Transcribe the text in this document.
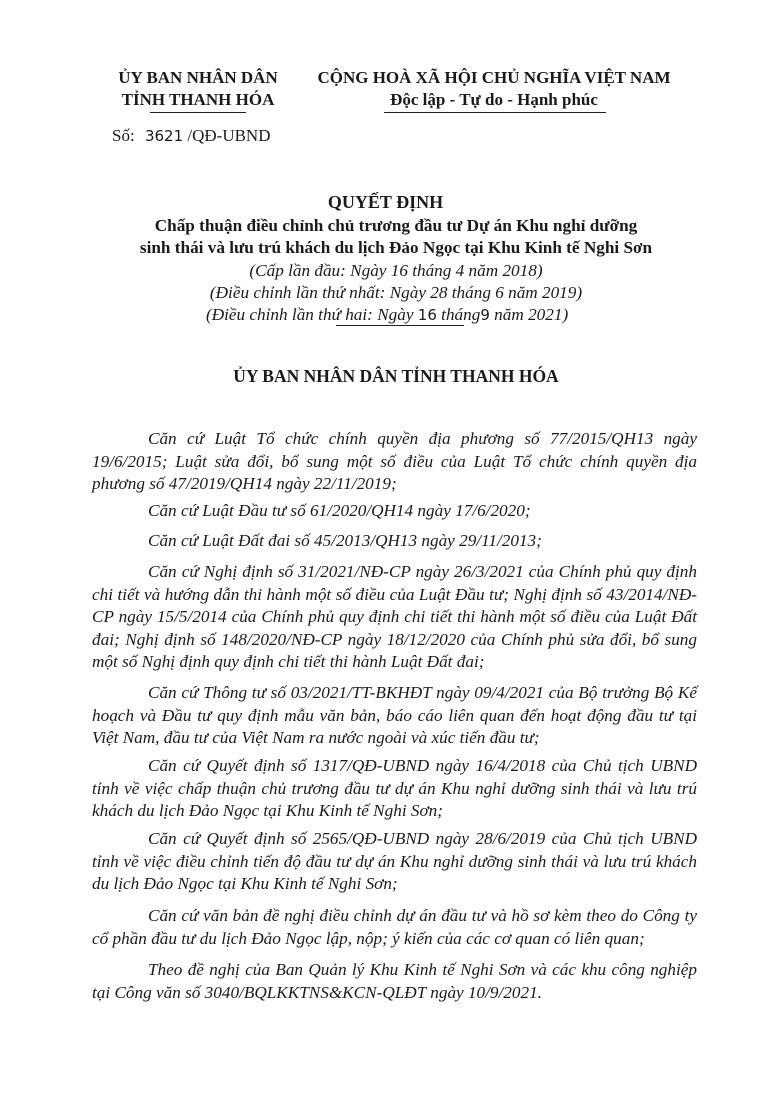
ỦY BAN NHÂN DÂN
TỈNH THANH HÓA
Số: 3621 /QĐ-UBND
CỘNG HOÀ XÃ HỘI CHỦ NGHĨA VIỆT NAM
Độc lập - Tự do - Hạnh phúc
QUYẾT ĐỊNH
Chấp thuận điều chỉnh chủ trương đầu tư Dự án Khu nghỉ dưỡng
sinh thái và lưu trú khách du lịch Đảo Ngọc tại Khu Kinh tế Nghi Sơn
(Cấp lần đầu: Ngày 16 tháng 4 năm 2018)
(Điều chỉnh lần thứ nhất: Ngày 28 tháng 6 năm 2019)
(Điều chỉnh lần thứ hai: Ngày 16 tháng9 năm 2021)
ỦY BAN NHÂN DÂN TỈNH THANH HÓA
Căn cứ Luật Tổ chức chính quyền địa phương số 77/2015/QH13 ngày 19/6/2015; Luật sửa đổi, bổ sung một số điều của Luật Tổ chức chính quyền địa phương số 47/2019/QH14 ngày 22/11/2019;
Căn cứ Luật Đầu tư số 61/2020/QH14 ngày 17/6/2020;
Căn cứ Luật Đất đai số 45/2013/QH13 ngày 29/11/2013;
Căn cứ Nghị định số 31/2021/NĐ-CP ngày 26/3/2021 của Chính phủ quy định chi tiết và hướng dẫn thi hành một số điều của Luật Đầu tư; Nghị định số 43/2014/NĐ-CP ngày 15/5/2014 của Chính phủ quy định chi tiết thi hành một số điều của Luật Đất đai; Nghị định số 148/2020/NĐ-CP ngày 18/12/2020 của Chính phủ sửa đổi, bổ sung một số Nghị định quy định chi tiết thi hành Luật Đất đai;
Căn cứ Thông tư số 03/2021/TT-BKHĐT ngày 09/4/2021 của Bộ trưởng Bộ Kế hoạch và Đầu tư quy định mẫu văn bản, báo cáo liên quan đến hoạt động đầu tư tại Việt Nam, đầu tư của Việt Nam ra nước ngoài và xúc tiến đầu tư;
Căn cứ Quyết định số 1317/QĐ-UBND ngày 16/4/2018 của Chủ tịch UBND tỉnh về việc chấp thuận chủ trương đầu tư dự án Khu nghỉ dưỡng sinh thái và lưu trú khách du lịch Đảo Ngọc tại Khu Kinh tế Nghi Sơn;
Căn cứ Quyết định số 2565/QĐ-UBND ngày 28/6/2019 của Chủ tịch UBND tỉnh về việc điều chỉnh tiến độ đầu tư dự án Khu nghỉ dưỡng sinh thái và lưu trú khách du lịch Đảo Ngọc tại Khu Kinh tế Nghi Sơn;
Căn cứ văn bản đề nghị điều chỉnh dự án đầu tư và hồ sơ kèm theo do Công ty cổ phần đầu tư du lịch Đảo Ngọc lập, nộp; ý kiến của các cơ quan có liên quan;
Theo đề nghị của Ban Quản lý Khu Kinh tế Nghi Sơn và các khu công nghiệp tại Công văn số 3040/BQLKKTNS&KCN-QLĐT ngày 10/9/2021.
